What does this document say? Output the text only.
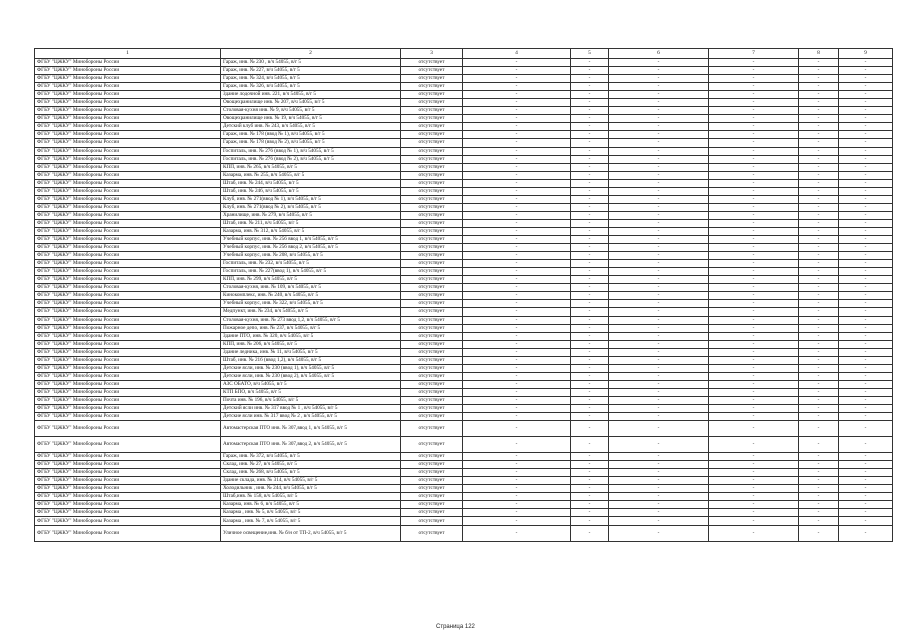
1	2	3	4	5	6	7	8	9
ФГБУ "ЦЖКУ" Минобороны России	Гараж, инв. № 230 , в/ч 54055, в/г 5	отсутствует	-	-	-	-	-	-
ФГБУ "ЦЖКУ" Минобороны России	Гараж, инв. № 227, в/ч 54055, в/г 5	отсутствует	-	-	-	-	-	-
ФГБУ "ЦЖКУ" Минобороны России	Гараж, инв. № 324, в/ч 54055, в/г 5	отсутствует	-	-	-	-	-	-
ФГБУ "ЦЖКУ" Минобороны России	Гараж, инв. № 326, в/ч 54055, в/г 5	отсутствует	-	-	-	-	-	-
ФГБУ "ЦЖКУ" Минобороны России	Здание лодочной инв. 221, в/ч 54055, в/г 5	отсутствует	-	-	-	-	-	-
ФГБУ "ЦЖКУ" Минобороны России	Овощехранилище инв. № 207, в/ч 54055, в/г 5	отсутствует	-	-	-	-	-	-
ФГБУ "ЦЖКУ" Минобороны России	Столовая-кухня инв. № 9, в/ч 54055, в/г 5	отсутствует	-	-	-	-	-	-
ФГБУ "ЦЖКУ" Минобороны России	Овощехранилище инв. № 19, в/ч 54055, в/г 5	отсутствует	-	-	-	-	-	-
ФГБУ "ЦЖКУ" Минобороны России	Детский клуб инв. № 243, в/ч 54055, в/г 5	отсутствует	-	-	-	-	-	-
ФГБУ "ЦЖКУ" Минобороны России	Гараж, инв. № 178 (ввод № 1), в/ч 54055, в/г 5	отсутствует	-	-	-	-	-	-
ФГБУ "ЦЖКУ" Минобороны России	Гараж, инв. № 178 (ввод № 2), в/ч 54055, в/г 5	отсутствует	-	-	-	-	-	-
ФГБУ "ЦЖКУ" Минобороны России	Госпиталь, инв. № 276 (ввод № 1), в/ч 54055, в/г 5	отсутствует	-	-	-	-	-	-
ФГБУ "ЦЖКУ" Минобороны России	Госпиталь, инв. № 276 (ввод № 2), в/ч 54055, в/г 5	отсутствует	-	-	-	-	-	-
ФГБУ "ЦЖКУ" Минобороны России	КПП, инв. № 265, в/ч 54055, в/г 5	отсутствует	-	-	-	-	-	-
ФГБУ "ЦЖКУ" Минобороны России	Казарма, инв. № 255, в/ч 54055, в/г 5	отсутствует	-	-	-	-	-	-
ФГБУ "ЦЖКУ" Минобороны России	Штаб, инв. № 244, в/ч 54055, в/г 5	отсутствует	-	-	-	-	-	-
ФГБУ "ЦЖКУ" Минобороны России	Штаб, инв. № 246, в/ч 54055, в/г 5	отсутствует	-	-	-	-	-	-
ФГБУ "ЦЖКУ" Минобороны России	Клуб, инв. № 271(ввод № 1), в/ч 54055, в/г 5	отсутствует	-	-	-	-	-	-
ФГБУ "ЦЖКУ" Минобороны России	Клуб, инв. № 271(ввод № 2), в/ч 54055, в/г 5	отсутствует	-	-	-	-	-	-
ФГБУ "ЦЖКУ" Минобороны России	Хранилище, инв. № 279, в/ч 54055, в/г 5	отсутствует	-	-	-	-	-	-
ФГБУ "ЦЖКУ" Минобороны России	Штаб, инв. № 211, в/ч 54055, в/г 5	отсутствует	-	-	-	-	-	-
ФГБУ "ЦЖКУ" Минобороны России	Казарма, инв. № 312, в/ч 54055, в/г 5	отсутствует	-	-	-	-	-	-
ФГБУ "ЦЖКУ" Минобороны России	Учебный корпус, инв. № 256 ввод 1, в/ч 54055, в/г 5	отсутствует	-	-	-	-	-	-
ФГБУ "ЦЖКУ" Минобороны России	Учебный корпус, инв. № 256 ввод 2, в/ч 54055, в/г 5	отсутствует	-	-	-	-	-	-
ФГБУ "ЦЖКУ" Минобороны России	Учебный корпус, инв. № 208, в/ч 54055, в/г 5	отсутствует	-	-	-	-	-	-
ФГБУ "ЦЖКУ" Минобороны России	Госпиталь, инв. № 232, в/ч 54055, в/г 5	отсутствует	-	-	-	-	-	-
ФГБУ "ЦЖКУ" Минобороны России	Госпиталь, инв. № 227(ввод 1), в/ч 54055, в/г 5	отсутствует	-	-	-	-	-	-
ФГБУ "ЦЖКУ" Минобороны России	КПП, инв. № 299, в/ч 54055, в/г 5	отсутствует	-	-	-	-	-	-
ФГБУ "ЦЖКУ" Минобороны России	Столовая-кухня, инв. № 109, в/ч 54055, в/г 5	отсутствует	-	-	-	-	-	-
ФГБУ "ЦЖКУ" Минобороны России	Кинокомплекс, инв. № 240, в/ч 54055, в/г 5	отсутствует	-	-	-	-	-	-
ФГБУ "ЦЖКУ" Минобороны России	Учебный корпус, инв. № 322, в/ч 54055, в/г 5	отсутствует	-	-	-	-	-	-
ФГБУ "ЦЖКУ" Минобороны России	Медпункт, инв. № 234, в/ч 54055, в/г 5	отсутствует	-	-	-	-	-	-
ФГБУ "ЦЖКУ" Минобороны России	Столовая-кухня, инв. № 273 ввод 1,2, в/ч 54055, в/г 5	отсутствует	-	-	-	-	-	-
ФГБУ "ЦЖКУ" Минобороны России	Пожарное депо, инв. № 237, в/ч 54055, в/г 5	отсутствует	-	-	-	-	-	-
ФГБУ "ЦЖКУ" Минобороны России	Здание ПТО, инв. № 320, в/ч 54055, в/г 5	отсутствует	-	-	-	-	-	-
ФГБУ "ЦЖКУ" Минобороны России	КПП, инв. № 206, в/ч 54055, в/г 5	отсутствует	-	-	-	-	-	-
ФГБУ "ЦЖКУ" Минобороны России	Здание ледника, инв. № 11, в/ч 54055, в/г 5	отсутствует	-	-	-	-	-	-
ФГБУ "ЦЖКУ" Минобороны России	Штаб, инв. № 216 (ввод 1,2), в/ч 54055, в/г 5	отсутствует	-	-	-	-	-	-
ФГБУ "ЦЖКУ" Минобороны России	Детские ясли, инв. № 230 (ввод 1), в/ч 54055, в/г 5	отсутствует	-	-	-	-	-	-
ФГБУ "ЦЖКУ" Минобороны России	Детские ясли, инв. № 230 (ввод 2), в/ч 54055, в/г 5	отсутствует	-	-	-	-	-	-
ФГБУ "ЦЖКУ" Минобороны России	АЗС ОБАТО, в/ч 54055, в/г 5	отсутствует	-	-	-	-	-	-
ФГБУ "ЦЖКУ" Минобороны России	КТП БПО, в/ч 54055, в/г 5	отсутствует	-	-	-	-	-	-
ФГБУ "ЦЖКУ" Минобороны России	Почта инв. № 196, в/ч 54055, в/г 5	отсутствует	-	-	-	-	-	-
ФГБУ "ЦЖКУ" Минобороны России	Детский ясли инв. № 317 ввод № 1 , в/ч 54055, в/г 5	отсутствует	-	-	-	-	-	-
ФГБУ "ЦЖКУ" Минобороны России	Детские ясли инв. № 317 ввод № 2 , в/ч 54055, в/г 5	отсутствует	-	-	-	-	-	-
ФГБУ "ЦЖКУ" Минобороны России	Автомастерская ПТО инв. № 307,ввод 1, в/ч 54055, в/г 5	отсутствует	-	-	-	-	-	-
ФГБУ "ЦЖКУ" Минобороны России	Автомастерская ПТО инв. № 307,ввод 2, в/ч 54055, в/г 5	отсутствует	-	-	-	-	-	-
ФГБУ "ЦЖКУ" Минобороны России	Гараж, инв. № 372, в/ч 54055, в/г 5	отсутствует	-	-	-	-	-	-
ФГБУ "ЦЖКУ" Минобороны России	Склад, инв. № 27, в/ч 54055, в/г 5	отсутствует	-	-	-	-	-	-
ФГБУ "ЦЖКУ" Минобороны России	Склад, инв. № 268, в/ч 54055, в/г 5	отсутствует	-	-	-	-	-	-
ФГБУ "ЦЖКУ" Минобороны России	Здание склада, инв. № 314, в/ч 54055, в/г 5	отсутствует	-	-	-	-	-	-
ФГБУ "ЦЖКУ" Минобороны России	Холодильник , инв. № 244, в/ч 54055, в/г 5	отсутствует	-	-	-	-	-	-
ФГБУ "ЦЖКУ" Минобороны России	Штаб,инв. № 158, в/ч 54055, в/г 5	отсутствует	-	-	-	-	-	-
ФГБУ "ЦЖКУ" Минобороны России	Казарма, инв. № 6, в/ч 54055, в/г 5	отсутствует	-	-	-	-	-	-
ФГБУ "ЦЖКУ" Минобороны России	Казарма , инв. № 5, в/ч 54055, в/г 5	отсутствует	-	-	-	-	-	-
ФГБУ "ЦЖКУ" Минобороны России	Казарма , инв. № 7, в/ч 54055, в/г 5	отсутствует	-	-	-	-	-	-
ФГБУ "ЦЖКУ" Минобороны России	Уличное освещение,инв. № б/н от ТП-2, в/ч 54055, в/г 5	отсутствует	-	-	-	-	-	-
Страница 122
